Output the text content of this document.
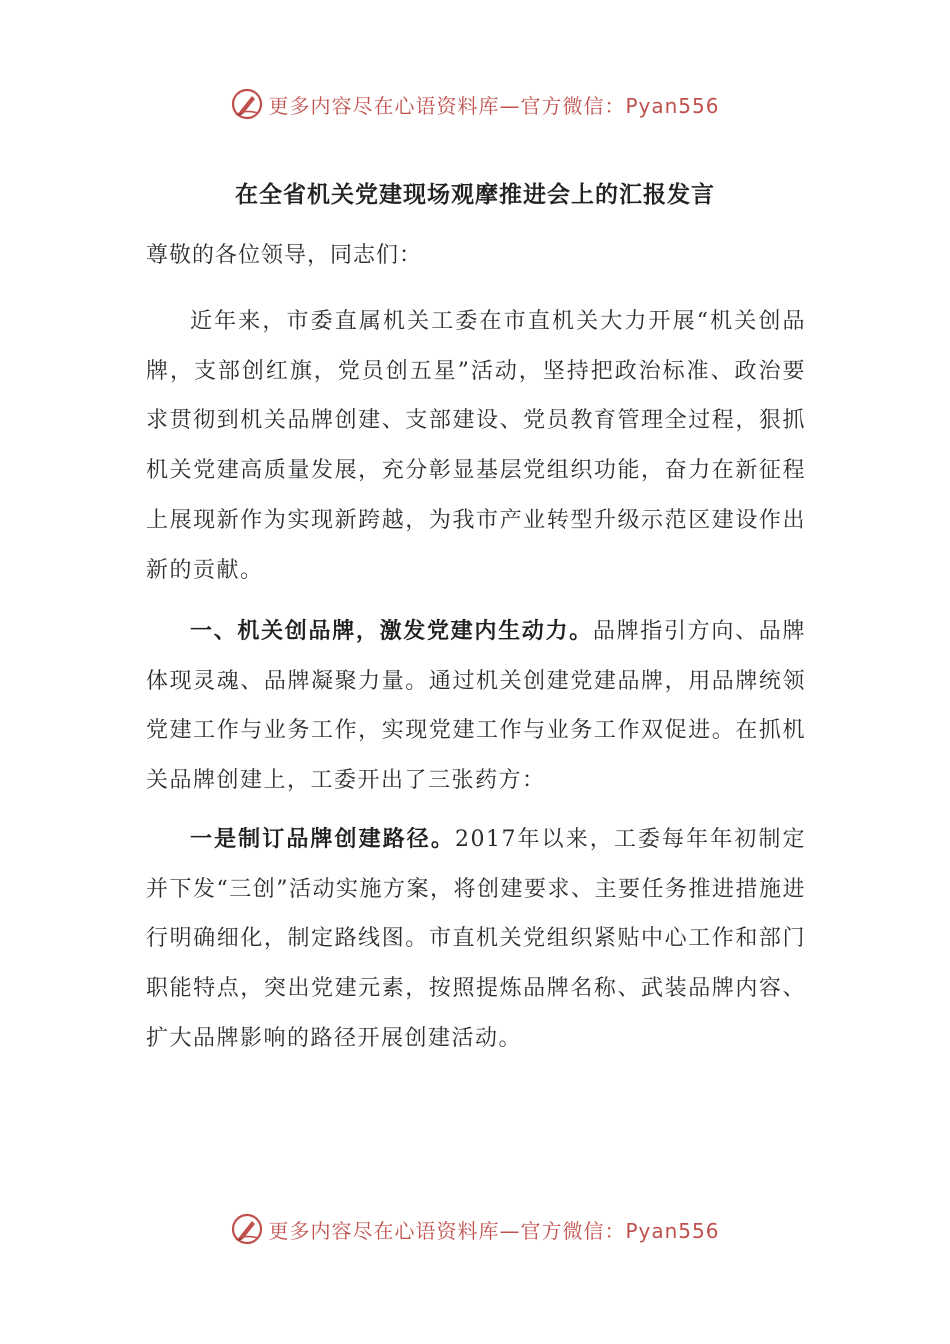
更多内容尽在心语资料库—官方微信：Pyan556
在全省机关党建现场观摩推进会上的汇报发言
尊敬的各位领导，同志们：

近年来，市委直属机关工委在市直机关大力开展“机关创品牌，支部创红旗，党员创五星”活动，坚持把政治标准、政治要求贯彻到机关品牌创建、支部建设、党员教育管理全过程，狠抓机关党建高质量发展，充分彰显基层党组织功能，奋力在新征程上展现新作为实现新跨越，为我市产业转型升级示范区建设作出新的贡献。

一、机关创品牌，激发党建内生动力。品牌指引方向、品牌体现灵魂、品牌凝聚力量。通过机关创建党建品牌，用品牌统领党建工作与业务工作，实现党建工作与业务工作双促进。在抓机关品牌创建上，工委开出了三张药方：

一是制订品牌创建路径。2017年以来，工委每年年初制定并下发“三创”活动实施方案，将创建要求、主要任务推进措施进行明确细化，制定路线图。市直机关党组织紧贴中心工作和部门职能特点，突出党建元素，按照提炼品牌名称、武装品牌内容、扩大品牌影响的路径开展创建活动。

更多内容尽在心语资料库—官方微信：Pyan556
